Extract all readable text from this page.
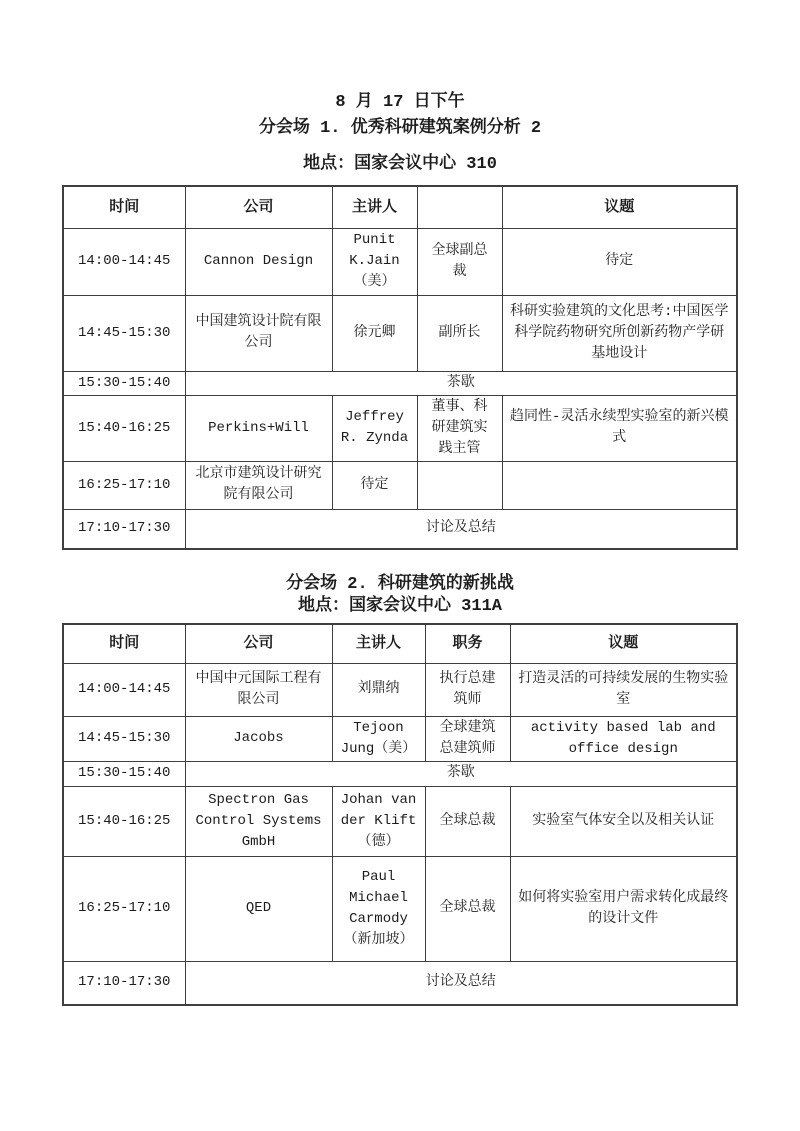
8 月 17 日下午

分会场 1. 优秀科研建筑案例分析 2

地点：国家会议中心 310

时间	公司	主讲人		议题
14:00-14:45	Cannon Design	Punit K.Jain（美）	全球副总裁	待定
14:45-15:30	中国建筑设计院有限公司	徐元卿	副所长	科研实验建筑的文化思考:中国医学科学院药物研究所创新药物产学研基地设计
15:30-15:40	茶歇			
15:40-16:25	Perkins+Will	Jeffrey R. Zynda	董事、科研建筑实践主管	趋同性-灵活永续型实验室的新兴模式
16:25-17:10	北京市建筑设计研究院有限公司	待定		
17:10-17:30	讨论及总结			

分会场 2. 科研建筑的新挑战

地点：国家会议中心 311A

时间	公司	主讲人	职务	议题
14:00-14:45	中国中元国际工程有限公司	刘鼎纳	执行总建筑师	打造灵活的可持续发展的生物实验室
14:45-15:30	Jacobs	Tejoon Jung（美）	全球建筑总建筑师	activity based lab and office design
15:30-15:40	茶歇			
15:40-16:25	Spectron Gas Control Systems GmbH	Johan van der Klift（德）	全球总裁	实验室气体安全以及相关认证
16:25-17:10	QED	Paul Michael Carmody（新加坡）	全球总裁	如何将实验室用户需求转化成最终的设计文件
17:10-17:30	讨论及总结			
